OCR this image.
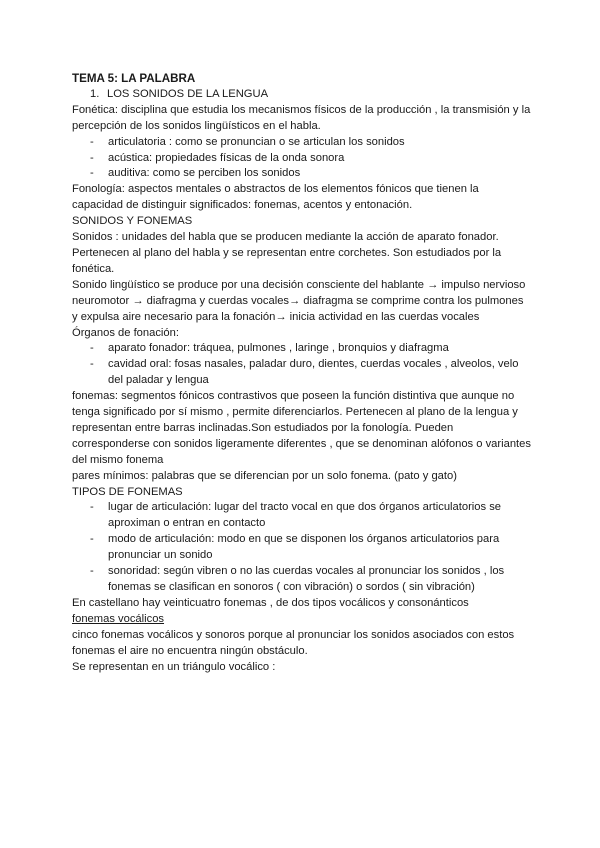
TEMA 5: LA PALABRA

1. LOS SONIDOS DE LA LENGUA

Fonética: disciplina que estudia los mecanismos físicos de la producción , la transmisión y la percepción de los sonidos lingüísticos en el habla.

- articulatoria : como se pronuncian o se articulan los sonidos
- acústica: propiedades físicas de la onda sonora
- auditiva: como se perciben los sonidos

Fonología: aspectos mentales o abstractos de los elementos fónicos que tienen la capacidad de distinguir significados: fonemas, acentos y entonación.

SONIDOS Y FONEMAS

Sonidos : unidades del habla que se producen mediante la acción de aparato fonador. Pertenecen al plano del habla y se representan entre corchetes. Son estudiados por la fonética.

Sonido lingüístico se produce por una decisión consciente del hablante → impulso nervioso neuromotor → diafragma y cuerdas vocales→ diafragma se comprime contra los pulmones y expulsa aire necesario para la fonación→ inicia actividad en las cuerdas vocales

Órganos de fonación:

- aparato fonador: tráquea, pulmones , laringe , bronquios y diafragma
- cavidad oral: fosas nasales, paladar duro, dientes, cuerdas vocales , alveolos, velo del paladar y lengua

fonemas: segmentos fónicos contrastivos que poseen la función distintiva que aunque no tenga significado por sí mismo , permite diferenciarlos. Pertenecen al plano de la lengua y representan entre barras inclinadas.Son estudiados por la fonología. Pueden corresponderse con sonidos ligeramente diferentes , que se denominan alófonos o variantes del mismo fonema

pares mínimos: palabras que se diferencian por un solo fonema. (pato y gato)

TIPOS DE FONEMAS

- lugar de articulación: lugar del tracto vocal en que dos órganos articulatorios se aproximan o entran en contacto
- modo de articulación: modo en que se disponen los órganos articulatorios para pronunciar un sonido
- sonoridad: según vibren o no las cuerdas vocales al pronunciar los sonidos , los fonemas se clasifican en sonoros ( con vibración) o sordos ( sin vibración)

En castellano hay veinticuatro fonemas , de dos tipos vocálicos y consonánticos

fonemas vocálicos

cinco fonemas vocálicos y sonoros porque al pronunciar los sonidos asociados con estos fonemas el aire no encuentra ningún obstáculo.

Se representan en un triángulo vocálico :
